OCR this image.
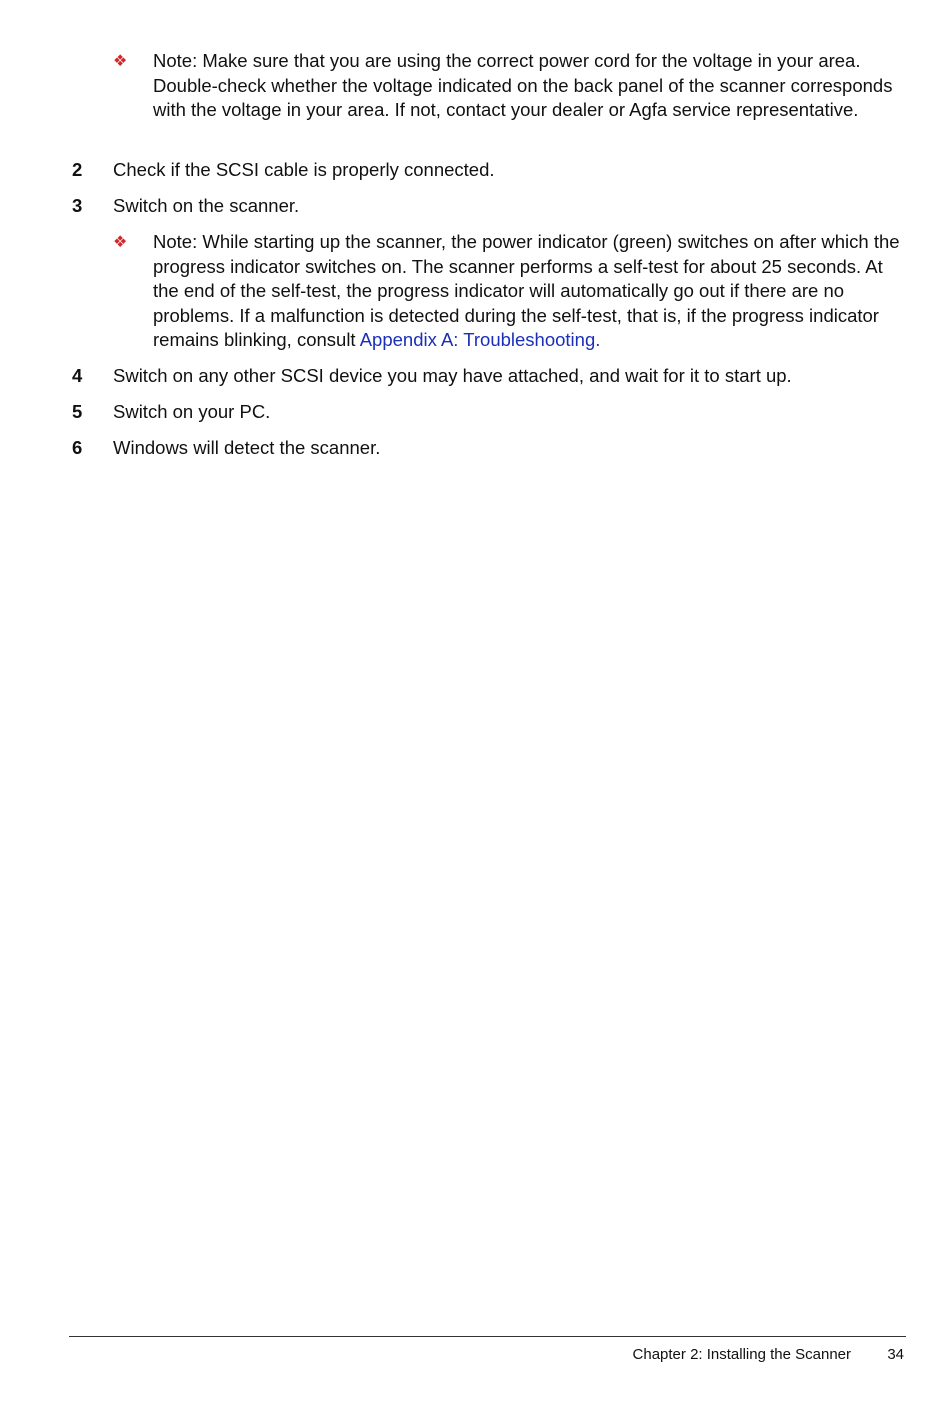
❖	Note: Make sure that you are using the correct power cord for the voltage in your area. Double-check whether the voltage indicated on the back panel of the scanner corresponds with the voltage in your area. If not, contact your dealer or Agfa service representative.
2 Check if the SCSI cable is properly connected.
3 Switch on the scanner.
❖	Note: While starting up the scanner, the power indicator (green) switches on after which the progress indicator switches on. The scanner performs a self-test for about 25 seconds. At the end of the self-test, the progress indicator will automatically go out if there are no problems. If a malfunction is detected during the self-test, that is, if the progress indicator remains blinking, consult Appendix A: Troubleshooting.
4 Switch on any other SCSI device you may have attached, and wait for it to start up.
5 Switch on your PC.
6 Windows will detect the scanner.
Chapter 2: Installing the Scanner 34
